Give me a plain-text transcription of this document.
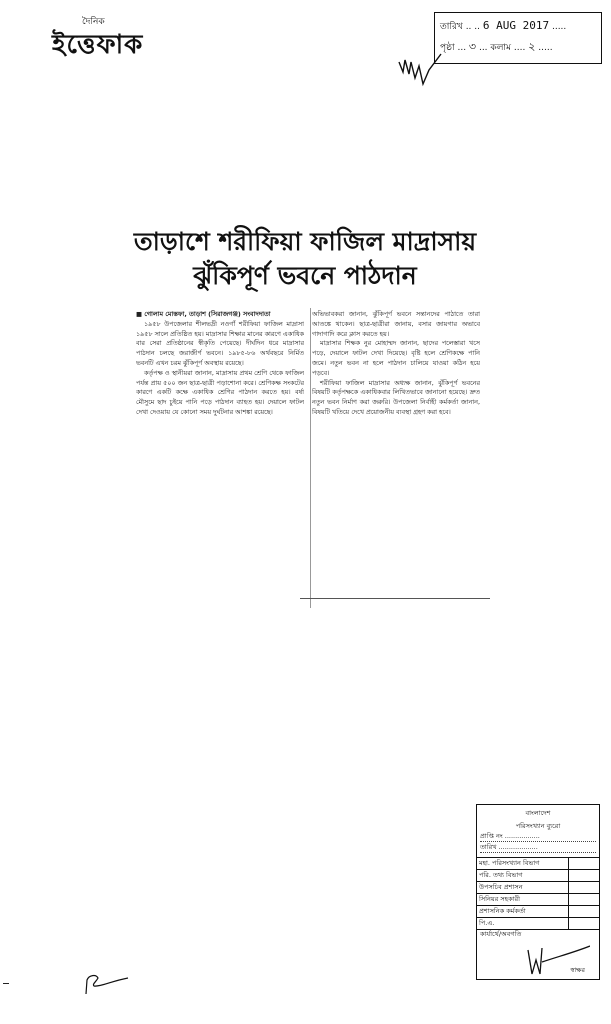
দৈনিক
ইত্তেফাক
তারিখ .. .. 6 AUG 2017 .....
পৃষ্ঠা ... ৩ ... কলাম .... ২ .....
তাড়াশে শরীফিয়া ফাজিল মাদ্রাসায়
ঝুঁকিপূর্ণ ভবনে পাঠদান

■ গোলাম মোস্তফা, তাড়াশ (সিরাজগঞ্জ) সংবাদদাতা

১৯৫৮ উপজেলার শীলভদ্রী নওগাঁ শরীফিয়া ফাজিল মাদ্রাসা ১৯৫৮ সালে প্রতিষ্ঠিত হয়। মাদ্রাসার শিক্ষার মানের কারণে একাধিক বার সেরা প্রতিষ্ঠানের স্বীকৃতি পেয়েছে। দীর্ঘদিন ধরে মাদ্রাসার পাঠদান চলছে জরাজীর্ণ ভবনে। ১৯৮৫-৮৬ অর্থবছরে নির্মিত ভবনটি এখন চরম ঝুঁকিপূর্ণ অবস্থায় রয়েছে।

কর্তৃপক্ষ ও স্থানীয়রা জানান, মাদ্রাসায় প্রথম শ্রেণি থেকে ফাজিল পর্যন্ত প্রায় ৫০০ জন ছাত্র-ছাত্রী পড়াশোনা করে। শ্রেণিকক্ষ সংকটের কারণে একটি কক্ষে একাধিক শ্রেণির পাঠদান করতে হয়। বর্ষা মৌসুমে ছাদ চুইয়ে পানি পড়ে পাঠদান ব্যাহত হয়। দেয়ালে ফাটল দেখা দেওয়ায় যে কোনো সময় দুর্ঘটনার আশঙ্কা রয়েছে।

অভিভাবকরা জানান, ঝুঁকিপূর্ণ ভবনে সন্তানদের পাঠাতে তারা আতঙ্কে থাকেন। ছাত্র-ছাত্রীরা জানায়, বসার জায়গার অভাবে গাদাগাদি করে ক্লাস করতে হয়।

মাদ্রাসার শিক্ষক নুর মোহাম্মদ জানান, ছাদের পলেস্তারা খসে পড়ে, দেয়ালে ফাটল দেখা দিয়েছে। বৃষ্টি হলে শ্রেণিকক্ষে পানি জমে। নতুন ভবন না হলে পাঠদান চালিয়ে যাওয়া কঠিন হয়ে পড়বে।

শরীফিয়া ফাজিল মাদ্রাসার অধ্যক্ষ জানান, ঝুঁকিপূর্ণ ভবনের বিষয়টি কর্তৃপক্ষকে একাধিকবার লিখিতভাবে জানানো হয়েছে। দ্রুত নতুন ভবন নির্মাণ করা জরুরি। উপজেলা নির্বাহী কর্মকর্তা জানান, বিষয়টি খতিয়ে দেখে প্রয়োজনীয় ব্যবস্থা গ্রহণ করা হবে।

বাংলাদেশ
পরিসংখ্যান ব্যুরো
প্রাপ্তি নং .................
তারিখ ...................
মহা. পরিসংখ্যান বিভাগ	
পরি. তথ্য বিভাগ	
উপসচিব প্রশাসন	
সিনিয়র সহকারী	
প্রশাসনিক কর্মকর্তা	
পি.এ.	
কার্যার্থে/অবগতি
স্বাক্ষর
